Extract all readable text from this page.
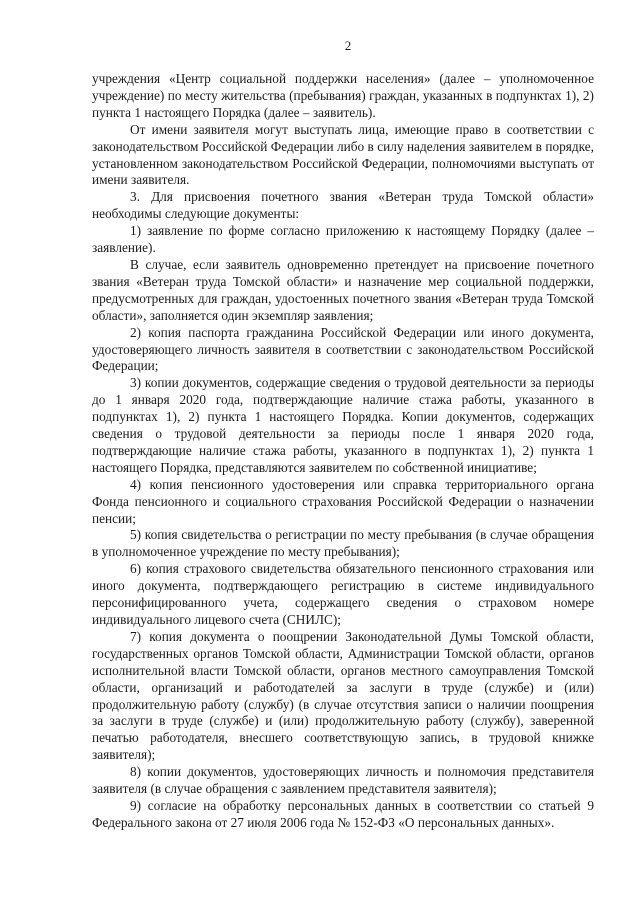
2

учреждения «Центр социальной поддержки населения» (далее – уполномоченное учреждение) по месту жительства (пребывания) граждан, указанных в подпунктах 1), 2) пункта 1 настоящего Порядка (далее – заявитель).

От имени заявителя могут выступать лица, имеющие право в соответствии с законодательством Российской Федерации либо в силу наделения заявителем в порядке, установленном законодательством Российской Федерации, полномочиями выступать от имени заявителя.

3. Для присвоения почетного звания «Ветеран труда Томской области» необходимы следующие документы:

1) заявление по форме согласно приложению к настоящему Порядку (далее – заявление).

В случае, если заявитель одновременно претендует на присвоение почетного звания «Ветеран труда Томской области» и назначение мер социальной поддержки, предусмотренных для граждан, удостоенных почетного звания «Ветеран труда Томской области», заполняется один экземпляр заявления;

2) копия паспорта гражданина Российской Федерации или иного документа, удостоверяющего личность заявителя в соответствии с законодательством Российской Федерации;

3) копии документов, содержащие сведения о трудовой деятельности за периоды до 1 января 2020 года, подтверждающие наличие стажа работы, указанного в подпунктах 1), 2) пункта 1 настоящего Порядка. Копии документов, содержащих сведения о трудовой деятельности за периоды после 1 января 2020 года, подтверждающие наличие стажа работы, указанного в подпунктах 1), 2) пункта 1 настоящего Порядка, представляются заявителем по собственной инициативе;

4) копия пенсионного удостоверения или справка территориального органа Фонда пенсионного и социального страхования Российской Федерации о назначении пенсии;

5) копия свидетельства о регистрации по месту пребывания (в случае обращения в уполномоченное учреждение по месту пребывания);

6) копия страхового свидетельства обязательного пенсионного страхования или иного документа, подтверждающего регистрацию в системе индивидуального персонифицированного учета, содержащего сведения о страховом номере индивидуального лицевого счета (СНИЛС);

7) копия документа о поощрении Законодательной Думы Томской области, государственных органов Томской области, Администрации Томской области, органов исполнительной власти Томской области, органов местного самоуправления Томской области, организаций и работодателей за заслуги в труде (службе) и (или) продолжительную работу (службу) (в случае отсутствия записи о наличии поощрения за заслуги в труде (службе) и (или) продолжительную работу (службу), заверенной печатью работодателя, внесшего соответствующую запись, в трудовой книжке заявителя);

8) копии документов, удостоверяющих личность и полномочия представителя заявителя (в случае обращения с заявлением представителя заявителя);

9) согласие на обработку персональных данных в соответствии со статьей 9 Федерального закона от 27 июля 2006 года № 152-ФЗ «О персональных данных».
